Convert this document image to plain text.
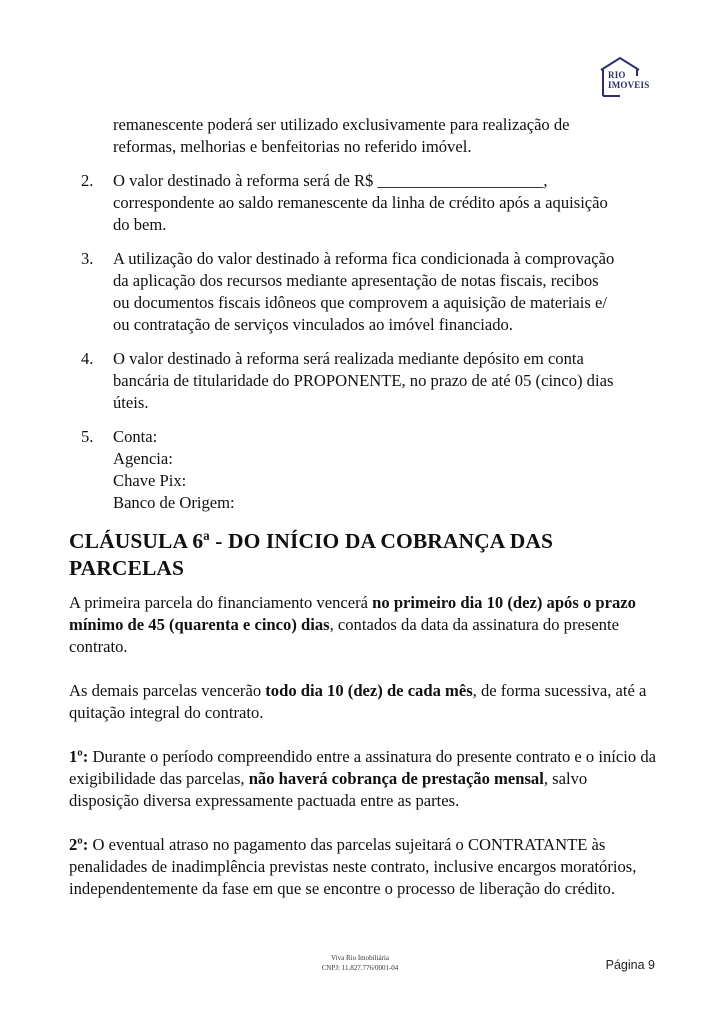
RIO
IMOVEIS

remanescente poderá ser utilizado exclusivamente para realização de
reformas, melhorias e benfeitorias no referido imóvel.

2. O valor destinado à reforma será de R$ ____________________,
correspondente ao saldo remanescente da linha de crédito após a aquisição
do bem.
3. A utilização do valor destinado à reforma fica condicionada à comprovação
da aplicação dos recursos mediante apresentação de notas fiscais, recibos
ou documentos fiscais idôneos que comprovem a aquisição de materiais e/
ou contratação de serviços vinculados ao imóvel financiado.
4. O valor destinado à reforma será realizada mediante depósito em conta
bancária de titularidade do PROPONENTE, no prazo de até 05 (cinco) dias
úteis.
5. Conta:
Agencia:
Chave Pix:
Banco de Origem:
CLÁUSULA 6ª - DO INÍCIO DA COBRANÇA DAS
PARCELAS

A primeira parcela do financiamento vencerá no primeiro dia 10 (dez) após o prazo mínimo de 45 (quarenta e cinco) dias, contados da data da assinatura do presente contrato.

As demais parcelas vencerão todo dia 10 (dez) de cada mês, de forma sucessiva, até a quitação integral do contrato.

1º: Durante o período compreendido entre a assinatura do presente contrato e o início da exigibilidade das parcelas, não haverá cobrança de prestação mensal, salvo disposição diversa expressamente pactuada entre as partes.

2º: O eventual atraso no pagamento das parcelas sujeitará o CONTRATANTE às penalidades de inadimplência previstas neste contrato, inclusive encargos moratórios, independentemente da fase em que se encontre o processo de liberação do crédito.

Viva Rio Imobiliária
CNPJ: 11.827.776/0001-04	Página 9
